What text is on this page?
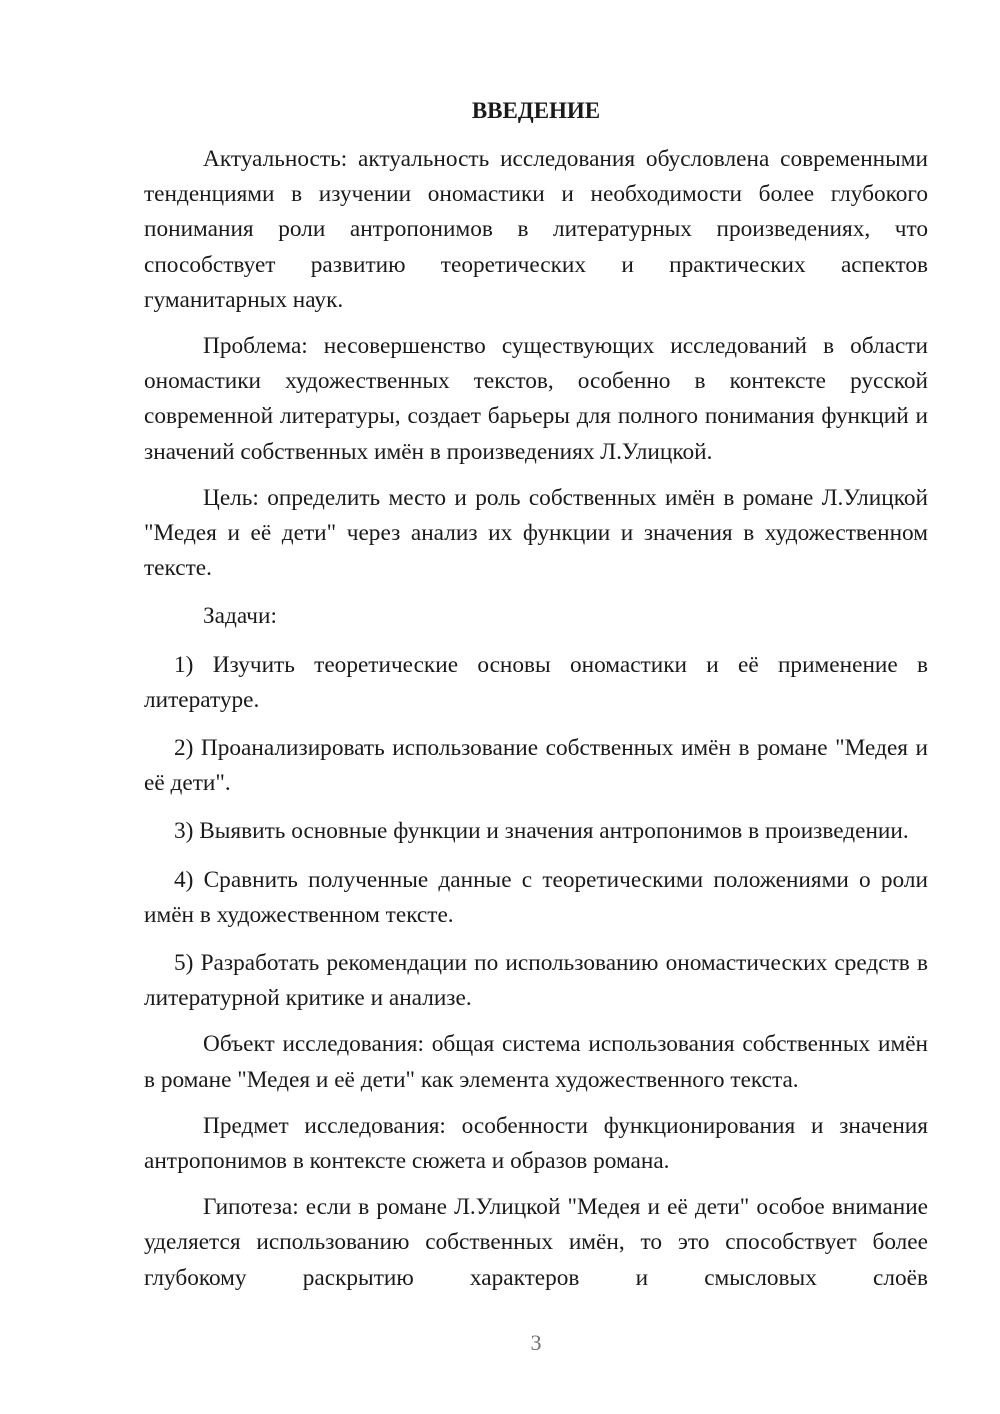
ВВЕДЕНИЕ

Актуальность: актуальность исследования обусловлена современными тенденциями в изучении ономастики и необходимости более глубокого понимания роли антропонимов в литературных произведениях, что способствует развитию теоретических и практических аспектов гуманитарных наук.

Проблема: несовершенство существующих исследований в области ономастики художественных текстов, особенно в контексте русской современной литературы, создает барьеры для полного понимания функций и значений собственных имён в произведениях Л.Улицкой.

Цель: определить место и роль собственных имён в романе Л.Улицкой "Медея и её дети" через анализ их функции и значения в художественном тексте.

Задачи:

1) Изучить теоретические основы ономастики и её применение в литературе.

2) Проанализировать использование собственных имён в романе "Медея и её дети".

3) Выявить основные функции и значения антропонимов в произведении.

4) Сравнить полученные данные с теоретическими положениями о роли имён в художественном тексте.

5) Разработать рекомендации по использованию ономастических средств в литературной критике и анализе.

Объект исследования: общая система использования собственных имён в романе "Медея и её дети" как элемента художественного текста.

Предмет исследования: особенности функционирования и значения антропонимов в контексте сюжета и образов романа.

Гипотеза: если в романе Л.Улицкой "Медея и её дети" особое внимание уделяется использованию собственных имён, то это способствует более глубокому раскрытию характеров и смысловых слоёв

3
